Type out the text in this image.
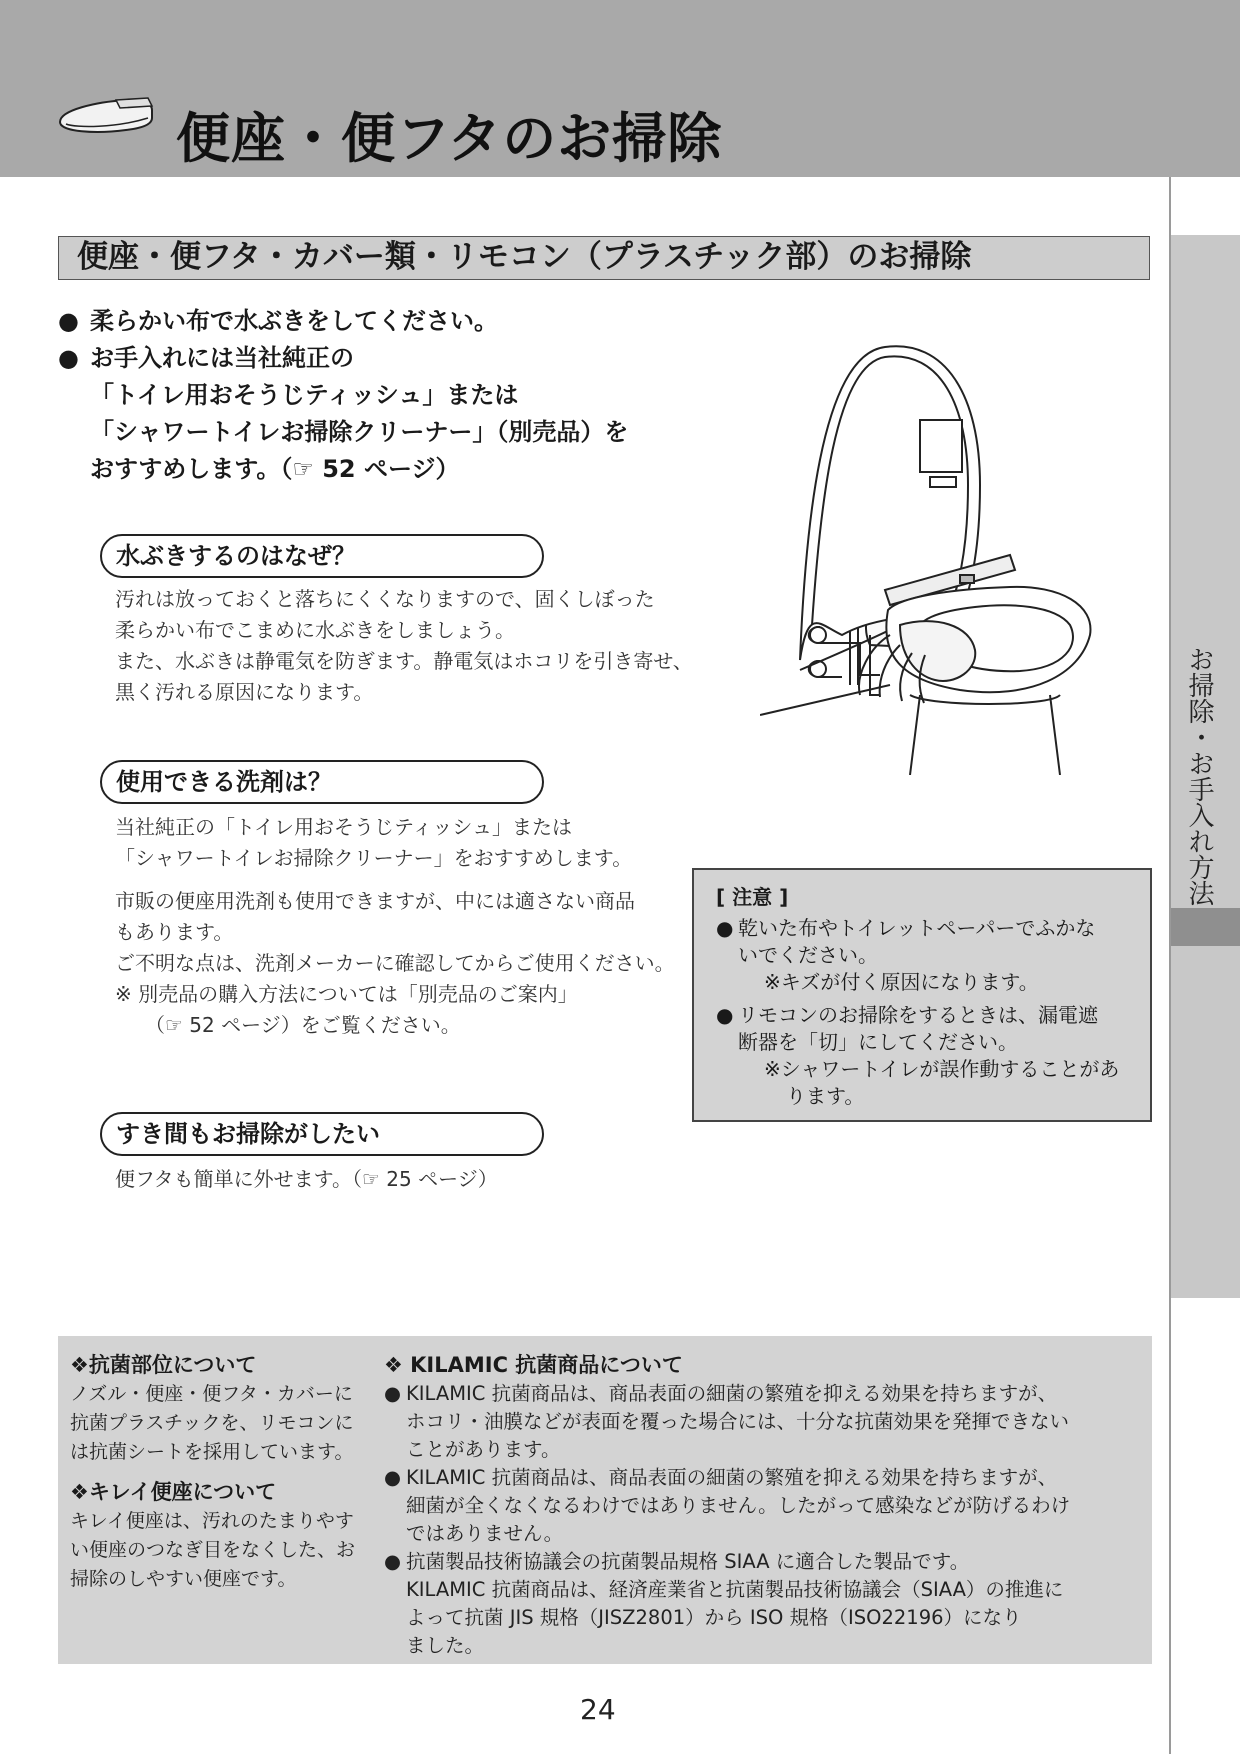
便座・便フタのお掃除
お掃除・お手入れ方法
便座・便フタ・カバー類・リモコン（プラスチック部）のお掃除
● 柔らかい布で水ぶきをしてください。
● お手入れには当社純正の
「トイレ用おそうじティッシュ」または
「シャワートイレお掃除クリーナー」（別売品）を
おすすめします。（☞ 52 ページ）
水ぶきするのはなぜ？

汚れは放っておくと落ちにくくなりますので、固くしぼった

柔らかい布でこまめに水ぶきをしましょう。

また、水ぶきは静電気を防ぎます。静電気はホコリを引き寄せ、

黒く汚れる原因になります。

使用できる洗剤は？

当社純正の「トイレ用おそうじティッシュ」または

「シャワートイレお掃除クリーナー」をおすすめします。

市販の便座用洗剤も使用できますが、中には適さない商品

もあります。

ご不明な点は、洗剤メーカーに確認してからご使用ください。

※ 別売品の購入方法については「別売品のご案内」

（☞ 52 ページ）をご覧ください。

すき間もお掃除がしたい

便フタも簡単に外せます。（☞ 25 ページ）

[ 注意 ]
● 乾いた布やトイレットペーパーでふかな
いでください。
※キズが付く原因になります。
● リモコンのお掃除をするときは、漏電遮
断器を「切」にしてください。
※シャワートイレが誤作動することがあ
ります。
❖抗菌部位について
ノズル・便座・便フタ・カバーに
抗菌プラスチックを、リモコンに
は抗菌シートを採用しています。
❖キレイ便座について
キレイ便座は、汚れのたまりやす
い便座のつなぎ目をなくした、お
掃除のしやすい便座です。
❖ KILAMIC 抗菌商品について
● KILAMIC 抗菌商品は、商品表面の細菌の繁殖を抑える効果を持ちますが、
ホコリ・油膜などが表面を覆った場合には、十分な抗菌効果を発揮できない
ことがあります。
● KILAMIC 抗菌商品は、商品表面の細菌の繁殖を抑える効果を持ちますが、
細菌が全くなくなるわけではありません。したがって感染などが防げるわけ
ではありません。
● 抗菌製品技術協議会の抗菌製品規格 SIAA に適合した製品です。
KILAMIC 抗菌商品は、経済産業省と抗菌製品技術協議会（SIAA）の推進に
よって抗菌 JIS 規格（JISZ2801）から ISO 規格（ISO22196）になり
ました。
24
